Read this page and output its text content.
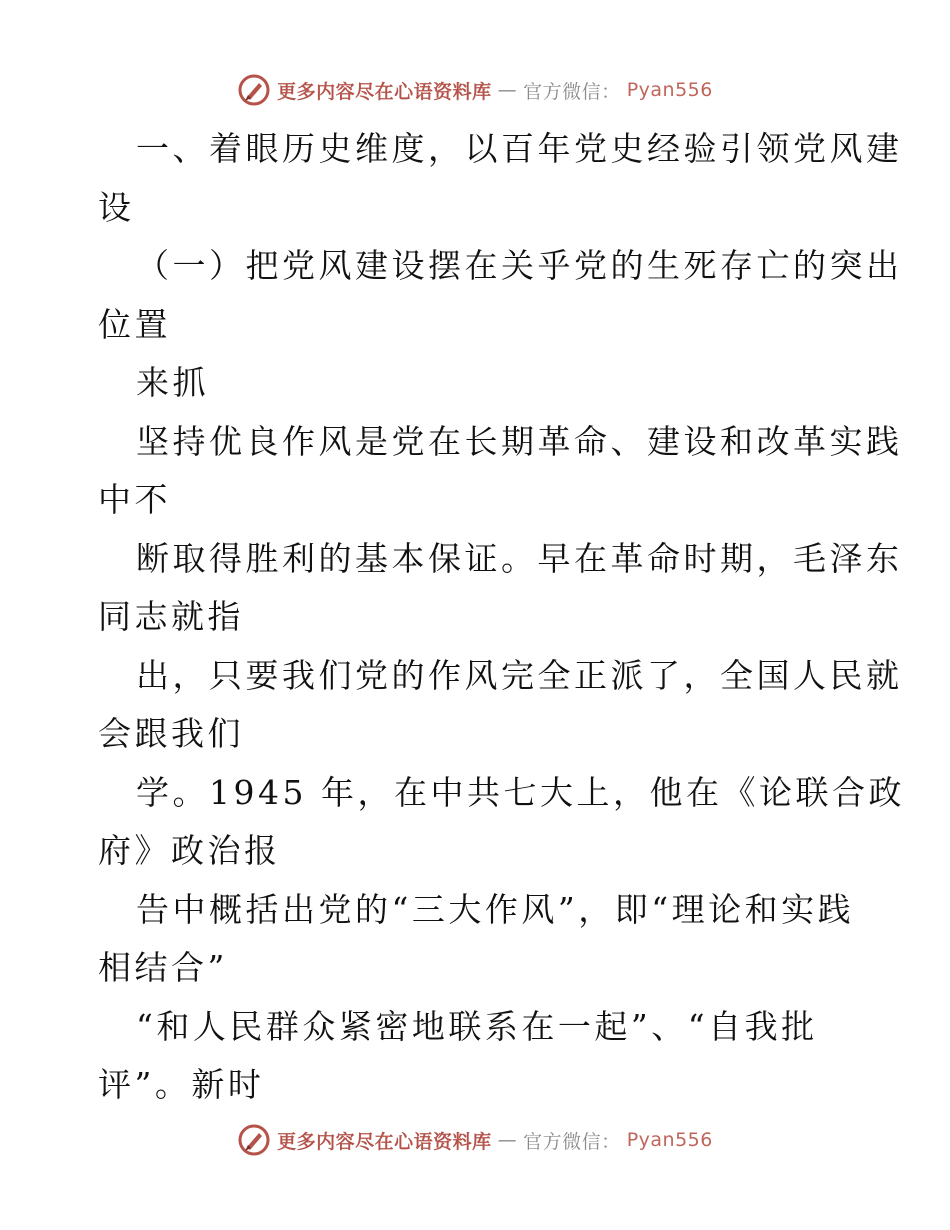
更多内容尽在心语资料库 — 官方微信： Pyan556
一、着眼历史维度，以百年党史经验引领党风建
设
（一）把党风建设摆在关乎党的生死存亡的突出
位置
来抓
坚持优良作风是党在长期革命、建设和改革实践
中不
断取得胜利的基本保证。早在革命时期，毛泽东
同志就指
出，只要我们党的作风完全正派了，全国人民就
会跟我们
学。1945 年，在中共七大上，他在《论联合政
府》政治报
告中概括出党的“三大作风”，即“理论和实践
相结合”
“和人民群众紧密地联系在一起”、“自我批
评”。新时
更多内容尽在心语资料库 — 官方微信： Pyan556
